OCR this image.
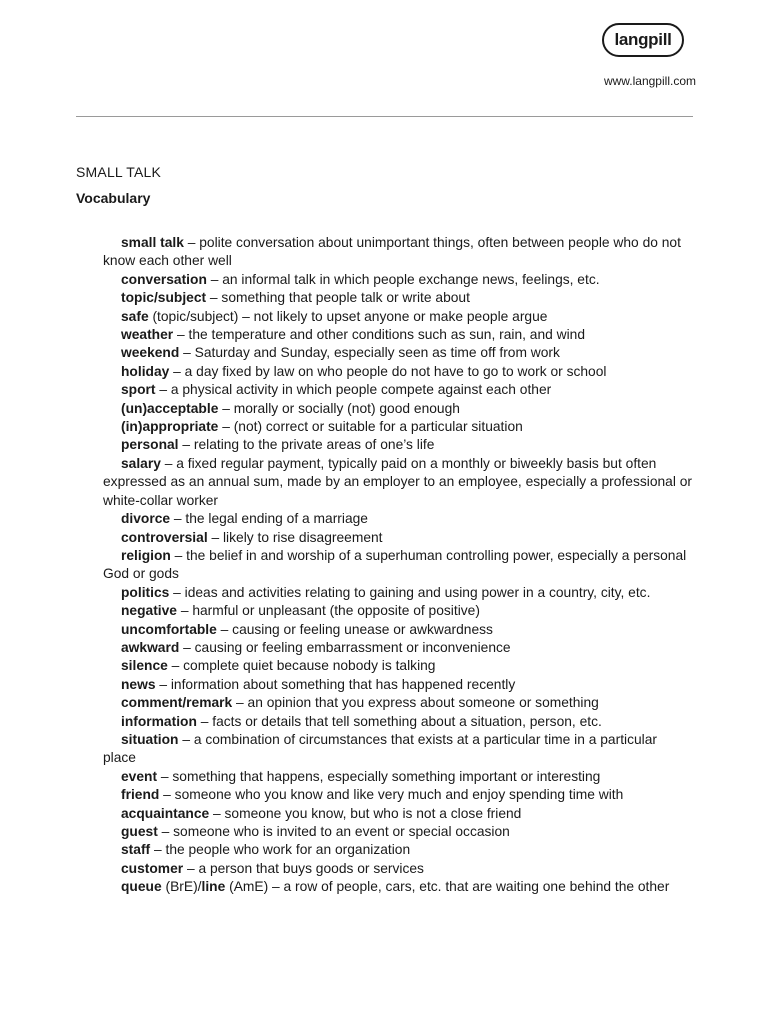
langpill
www.langpill.com
SMALL TALK
Vocabulary
small talk – polite conversation about unimportant things, often between people who do not know each other well
conversation – an informal talk in which people exchange news, feelings, etc.
topic/subject – something that people talk or write about
safe (topic/subject) – not likely to upset anyone or make people argue
weather – the temperature and other conditions such as sun, rain, and wind
weekend – Saturday and Sunday, especially seen as time off from work
holiday – a day fixed by law on who people do not have to go to work or school
sport – a physical activity in which people compete against each other
(un)acceptable – morally or socially (not) good enough
(in)appropriate – (not) correct or suitable for a particular situation
personal – relating to the private areas of one’s life
salary – a fixed regular payment, typically paid on a monthly or biweekly basis but often expressed as an annual sum, made by an employer to an employee, especially a professional or white-collar worker
divorce – the legal ending of a marriage
controversial – likely to rise disagreement
religion – the belief in and worship of a superhuman controlling power, especially a personal God or gods
politics – ideas and activities relating to gaining and using power in a country, city, etc.
negative – harmful or unpleasant (the opposite of positive)
uncomfortable – causing or feeling unease or awkwardness
awkward – causing or feeling embarrassment or inconvenience
silence – complete quiet because nobody is talking
news – information about something that has happened recently
comment/remark – an opinion that you express about someone or something
information – facts or details that tell something about a situation, person, etc.
situation – a combination of circumstances that exists at a particular time in a particular place
event – something that happens, especially something important or interesting
friend – someone who you know and like very much and enjoy spending time with
acquaintance – someone you know, but who is not a close friend
guest – someone who is invited to an event or special occasion
staff – the people who work for an organization
customer – a person that buys goods or services
queue (BrE)/line (AmE) – a row of people, cars, etc. that are waiting one behind the other
